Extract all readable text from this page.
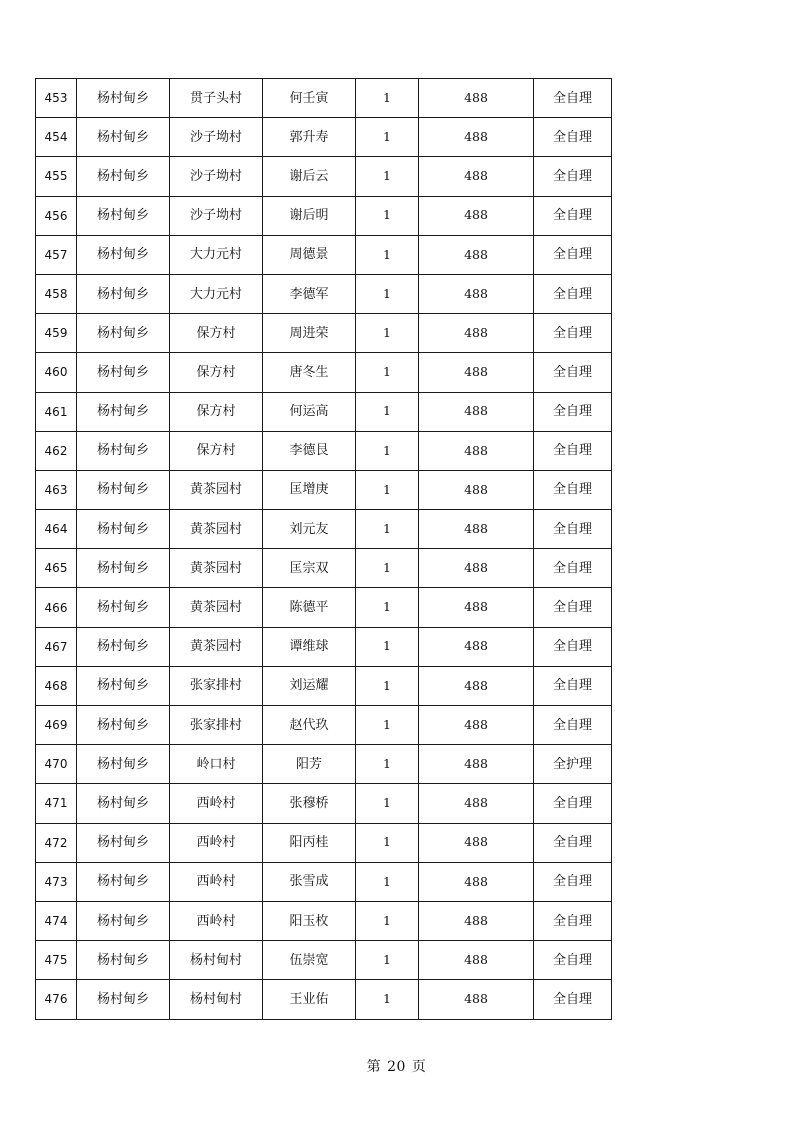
453	杨村甸乡	贯子头村	何壬寅	1	488	全自理
454	杨村甸乡	沙子坳村	郭升寿	1	488	全自理
455	杨村甸乡	沙子坳村	谢后云	1	488	全自理
456	杨村甸乡	沙子坳村	谢后明	1	488	全自理
457	杨村甸乡	大力元村	周德景	1	488	全自理
458	杨村甸乡	大力元村	李德军	1	488	全自理
459	杨村甸乡	保方村	周进荣	1	488	全自理
460	杨村甸乡	保方村	唐冬生	1	488	全自理
461	杨村甸乡	保方村	何运高	1	488	全自理
462	杨村甸乡	保方村	李德艮	1	488	全自理
463	杨村甸乡	黄茶园村	匡增庚	1	488	全自理
464	杨村甸乡	黄茶园村	刘元友	1	488	全自理
465	杨村甸乡	黄茶园村	匡宗双	1	488	全自理
466	杨村甸乡	黄茶园村	陈德平	1	488	全自理
467	杨村甸乡	黄茶园村	谭维球	1	488	全自理
468	杨村甸乡	张家排村	刘运耀	1	488	全自理
469	杨村甸乡	张家排村	赵代玖	1	488	全自理
470	杨村甸乡	岭口村	阳芳	1	488	全护理
471	杨村甸乡	西岭村	张穆桥	1	488	全自理
472	杨村甸乡	西岭村	阳丙桂	1	488	全自理
473	杨村甸乡	西岭村	张雪成	1	488	全自理
474	杨村甸乡	西岭村	阳玉枚	1	488	全自理
475	杨村甸乡	杨村甸村	伍崇宽	1	488	全自理
476	杨村甸乡	杨村甸村	王业佑	1	488	全自理
第 20 页
